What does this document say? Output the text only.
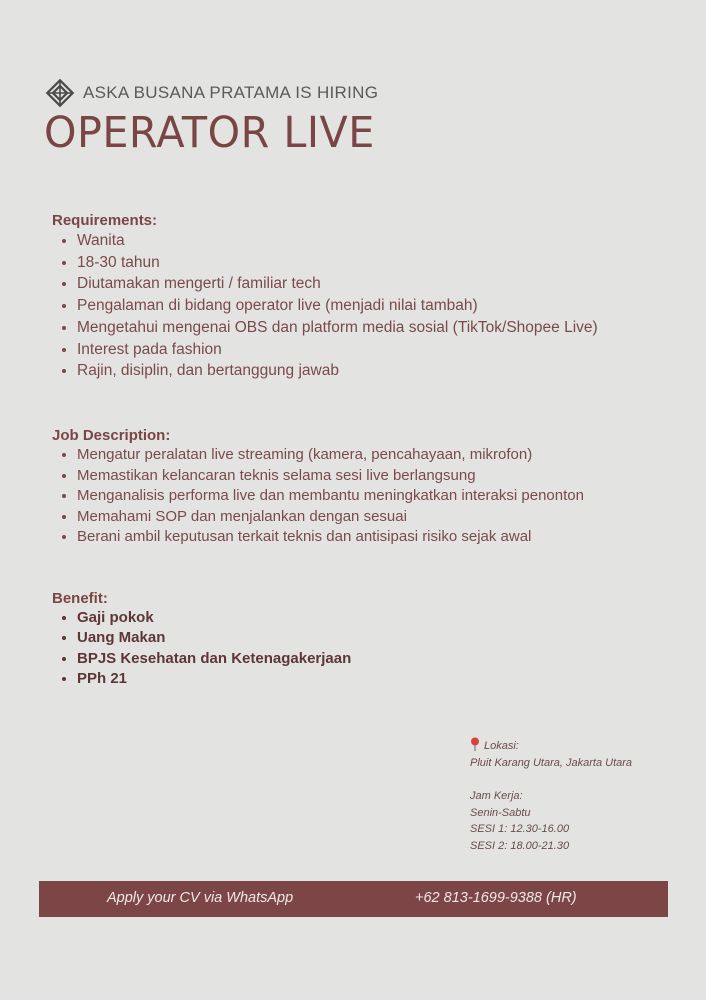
ASKA BUSANA PRATAMA IS HIRING
OPERATOR LIVE
Requirements:
• Wanita
• 18-30 tahun
• Diutamakan mengerti / familiar tech
• Pengalaman di bidang operator live (menjadi nilai tambah)
• Mengetahui mengenai OBS dan platform media sosial (TikTok/Shopee Live)
• Interest pada fashion
• Rajin, disiplin, dan bertanggung jawab
Job Description:
• Mengatur peralatan live streaming (kamera, pencahayaan, mikrofon)
• Memastikan kelancaran teknis selama sesi live berlangsung
• Menganalisis performa live dan membantu meningkatkan interaksi penonton
• Memahami SOP dan menjalankan dengan sesuai
• Berani ambil keputusan terkait teknis dan antisipasi risiko sejak awal
Benefit:
• Gaji pokok
• Uang Makan
• BPJS Kesehatan dan Ketenagakerjaan
• PPh 21
Lokasi:
Pluit Karang Utara, Jakarta Utara
Jam Kerja:
Senin-Sabtu
SESI 1: 12.30-16.00
SESI 2: 18.00-21.30
Apply your CV via WhatsApp	+62 813-1699-9388 (HR)
